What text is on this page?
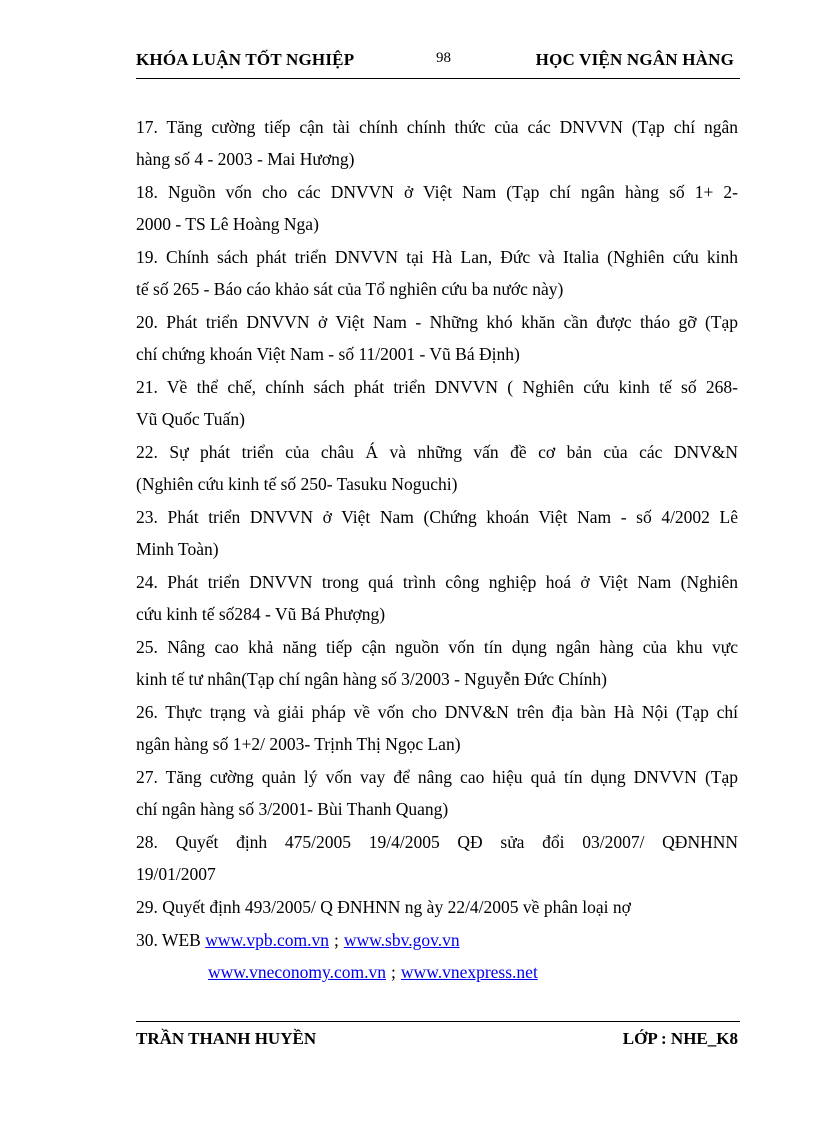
KHÓA LUẬN TỐT NGHIỆP	98	HỌC VIỆN NGÂN HÀNG
17. Tăng cường tiếp cận tài chính chính thức của các DNVVN (Tạp chí ngân
hàng số 4 - 2003 - Mai Hương)
18. Nguồn vốn cho các DNVVN ở Việt Nam (Tạp chí ngân hàng số 1+ 2-
2000 - TS Lê Hoàng Nga)
19. Chính sách phát triển DNVVN tại Hà Lan, Đức và Italia (Nghiên cứu kinh
tế số 265 - Báo cáo khảo sát của Tổ nghiên cứu ba nước này)
20. Phát triển DNVVN ở Việt Nam - Những khó khăn cần được tháo gỡ (Tạp
chí chứng khoán Việt Nam - số 11/2001 - Vũ Bá Định)
21. Về thể chế, chính sách phát triển DNVVN ( Nghiên cứu kinh tế số 268-
Vũ Quốc Tuấn)
22. Sự phát triển của châu Á và những vấn đề cơ bản của các DNV&N
(Nghiên cứu kinh tế số 250- Tasuku Noguchi)
23. Phát triển DNVVN ở Việt Nam (Chứng khoán Việt Nam - số 4/2002 Lê
Minh Toàn)
24. Phát triển DNVVN trong quá trình công nghiệp hoá ở Việt Nam (Nghiên
cứu kinh tế số284 - Vũ Bá Phượng)
25. Nâng cao khả năng tiếp cận nguồn vốn tín dụng ngân hàng của khu vực
kinh tế tư nhân(Tạp chí ngân hàng số 3/2003 - Nguyễn Đức Chính)
26. Thực trạng và giải pháp về vốn cho DNV&N trên địa bàn Hà Nội (Tạp chí
ngân hàng số 1+2/ 2003- Trịnh Thị Ngọc Lan)
27. Tăng cường quản lý vốn vay để nâng cao hiệu quả tín dụng DNVVN (Tạp
chí ngân hàng số 3/2001- Bùi Thanh Quang)
28. Quyết định 475/2005 19/4/2005 QĐ sửa đổi 03/2007/ QĐNHNN
19/01/2007
29. Quyết định 493/2005/ Q ĐNHNN ng ày 22/4/2005 về phân loại nợ
30. WEB www.vpb.com.vn ; www.sbv.gov.vn
www.vneconomy.com.vn ; www.vnexpress.net
TRẦN THANH HUYỀN	LỚP : NHE_K8
